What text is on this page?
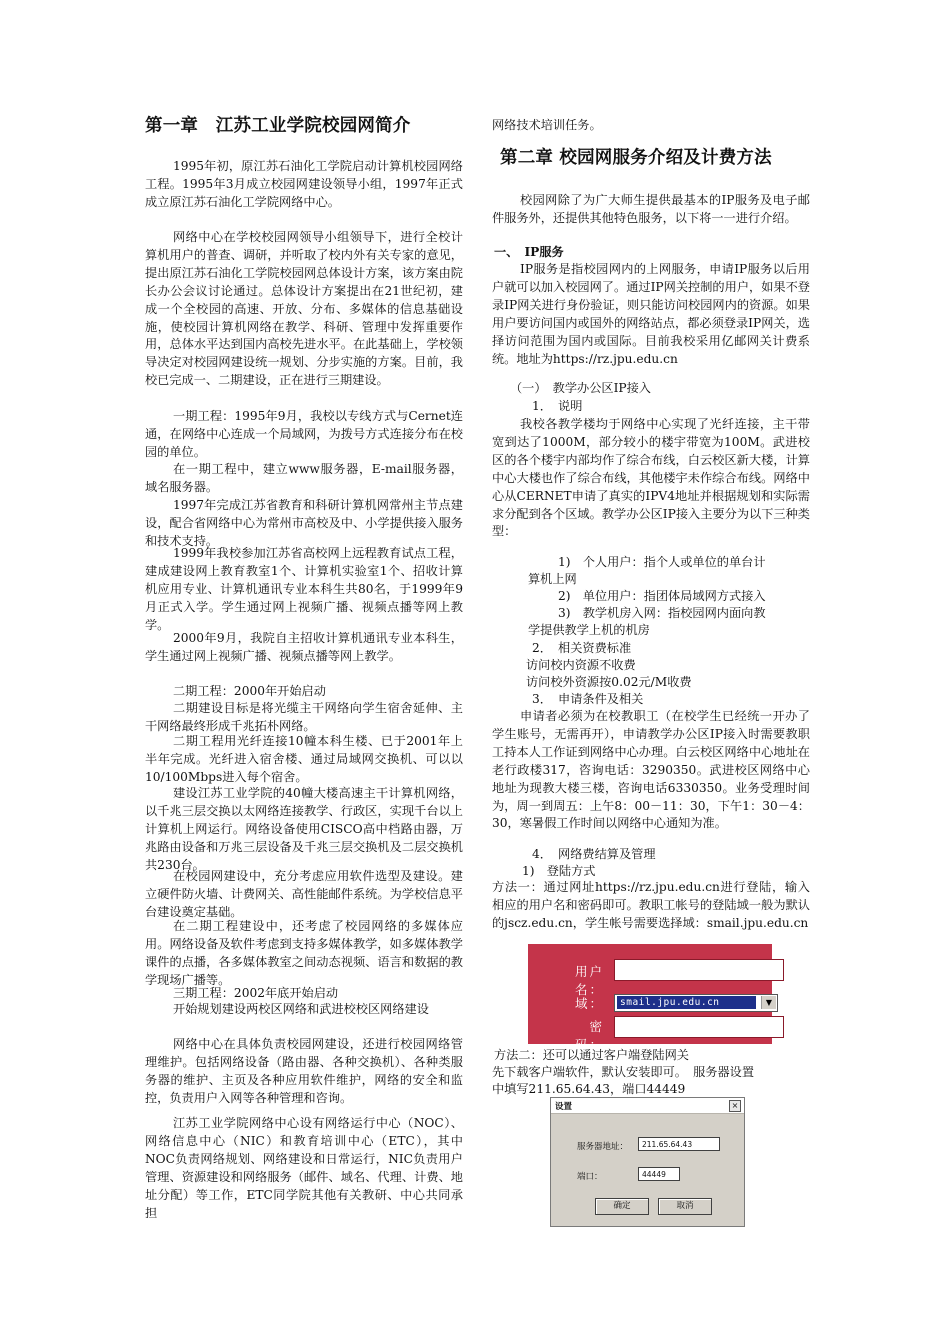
第一章　江苏工业学院校园网简介

1995年初，原江苏石油化工学院启动计算机校园网络工程。1995年3月成立校园网建设领导小组，1997年正式成立原江苏石油化工学院网络中心。

网络中心在学校校园网领导小组领导下，进行全校计算机用户的普查、调研，并听取了校内外有关专家的意见，提出原江苏石油化工学院校园网总体设计方案，该方案由院长办公会议讨论通过。总体设计方案提出在21世纪初，建成一个全校园的高速、开放、分布、多媒体的信息基础设施，使校园计算机网络在教学、科研、管理中发挥重要作用，总体水平达到国内高校先进水平。在此基础上，学校领导决定对校园网建设统一规划、分步实施的方案。目前，我校已完成一、二期建设，正在进行三期建设。

一期工程：1995年9月，我校以专线方式与Cernet连通，在网络中心连成一个局域网，为拨号方式连接分布在校园的单位。

在一期工程中，建立www服务器，E-mail服务器，域名服务器。

1997年完成江苏省教育和科研计算机网常州主节点建设，配合省网络中心为常州市高校及中、小学提供接入服务和技术支持。

1999年我校参加江苏省高校网上远程教育试点工程，建成建设网上教育教室1个、计算机实验室1个、招收计算机应用专业、计算机通讯专业本科生共80名，于1999年9月正式入学。学生通过网上视频广播、视频点播等网上教学。

2000年9月，我院自主招收计算机通讯专业本科生，学生通过网上视频广播、视频点播等网上教学。

二期工程：2000年开始启动

二期建设目标是将光缆主干网络向学生宿舍延伸、主干网络最终形成千兆拓朴网络。

二期工程用光纤连接10幢本科生楼、已于2001年上半年完成。光纤进入宿舍楼、通过局域网交换机、可以以10/100Mbps进入每个宿舍。

建设江苏工业学院的40幢大楼高速主干计算机网络，以千兆三层交换以太网络连接教学、行政区，实现千台以上计算机上网运行。网络设备使用CISCO高中档路由器，万兆路由设备和万兆三层设备及千兆三层交换机及二层交换机共230台。

在校园网建设中，充分考虑应用软件选型及建设。建立硬件防火墙、计费网关、高性能邮件系统。为学校信息平台建设奠定基础。

在二期工程建设中，还考虑了校园网络的多媒体应用。网络设备及软件考虑到支持多媒体教学，如多媒体教学课件的点播，各多媒体教室之间动态视频、语言和数据的教学现场广播等。

三期工程：2002年底开始启动

开始规划建设两校区网络和武进校校区网络建设

网络中心在具体负责校园网建设，还进行校园网络管理维护。包括网络设备（路由器、各种交换机）、各种类服务器的维护、主页及各种应用软件维护，网络的安全和监控，负责用户入网等各种管理和咨询。

江苏工业学院网络中心设有网络运行中心（NOC）、网络信息中心（NIC）和教育培训中心（ETC），其中NOC负责网络规划、网络建设和日常运行，NIC负责用户管理、资源建设和网络服务（邮件、域名、代理、计费、地址分配）等工作，ETC同学院其他有关教研、中心共同承担

网络技术培训任务。
第二章 校园网服务介绍及计费方法

校园网除了为广大师生提供最基本的IP服务及电子邮件服务外，还提供其他特色服务，以下将一一进行介绍。

一、　IP服务

IP服务是指校园网内的上网服务，申请IP服务以后用户就可以加入校园网了。通过IP网关控制的用户，如果不登录IP网关进行身份验证，则只能访问校园网内的资源。如果用户要访问国内或国外的网络站点，都必须登录IP网关，选择访问范围为国内或国际。目前我校采用亿邮网关计费系统。地址为https://rz.jpu.edu.cn

（一）　教学办公区IP接入
1．　说明

我校各教学楼均于网络中心实现了光纤连接，主干带宽到达了1000M，部分较小的楼宇带宽为100M。武进校区的各个楼宇内部均作了综合布线，白云校区新大楼，计算中心大楼也作了综合布线，其他楼宇未作综合布线。网络中心从CERNET申请了真实的IPV4地址并根据规划和实际需求分配到各个区域。教学办公区IP接入主要分为以下三种类型：

1)　个人用户：指个人或单位的单台计
算机上网
2)　单位用户：指团体局域网方式接入
3)　教学机房入网：指校园网内面向教
学提供教学上机的机房
2．　相关资费标准
访问校内资源不收费
访问校外资源按0.02元/M收费
3．　申请条件及相关

申请者必须为在校教职工（在校学生已经统一开办了学生账号，无需再开），申请教学办公区IP接入时需要教职工持本人工作证到网络中心办理。白云校区网络中心地址在老行政楼317，咨询电话：3290350。武进校区网络中心地址为现教大楼三楼，咨询电话6330350。业务受理时间为，周一到周五：上午8：00－11：30，下午1：30－4：30，寒暑假工作时间以网络中心通知为准。

4．　网络费结算及管理
1)　登陆方式

方法一：通过网址https://rz.jpu.edu.cn进行登陆，输入相应的用户名和密码即可。教职工帐号的登陆域一般为默认的jscz.edu.cn，学生帐号需要选择域：smail.jpu.edu.cn

方法二：还可以通过客户端登陆网关
先下载客户端软件，默认安装即可。　服务器设置
中填写211.65.64.43，端口44449
用户名：
域：	smail.jpu.edu.cn	▼
密 码：
设置	×
服务器地址：	211.65.64.43
端口：	44449
确定	取消
